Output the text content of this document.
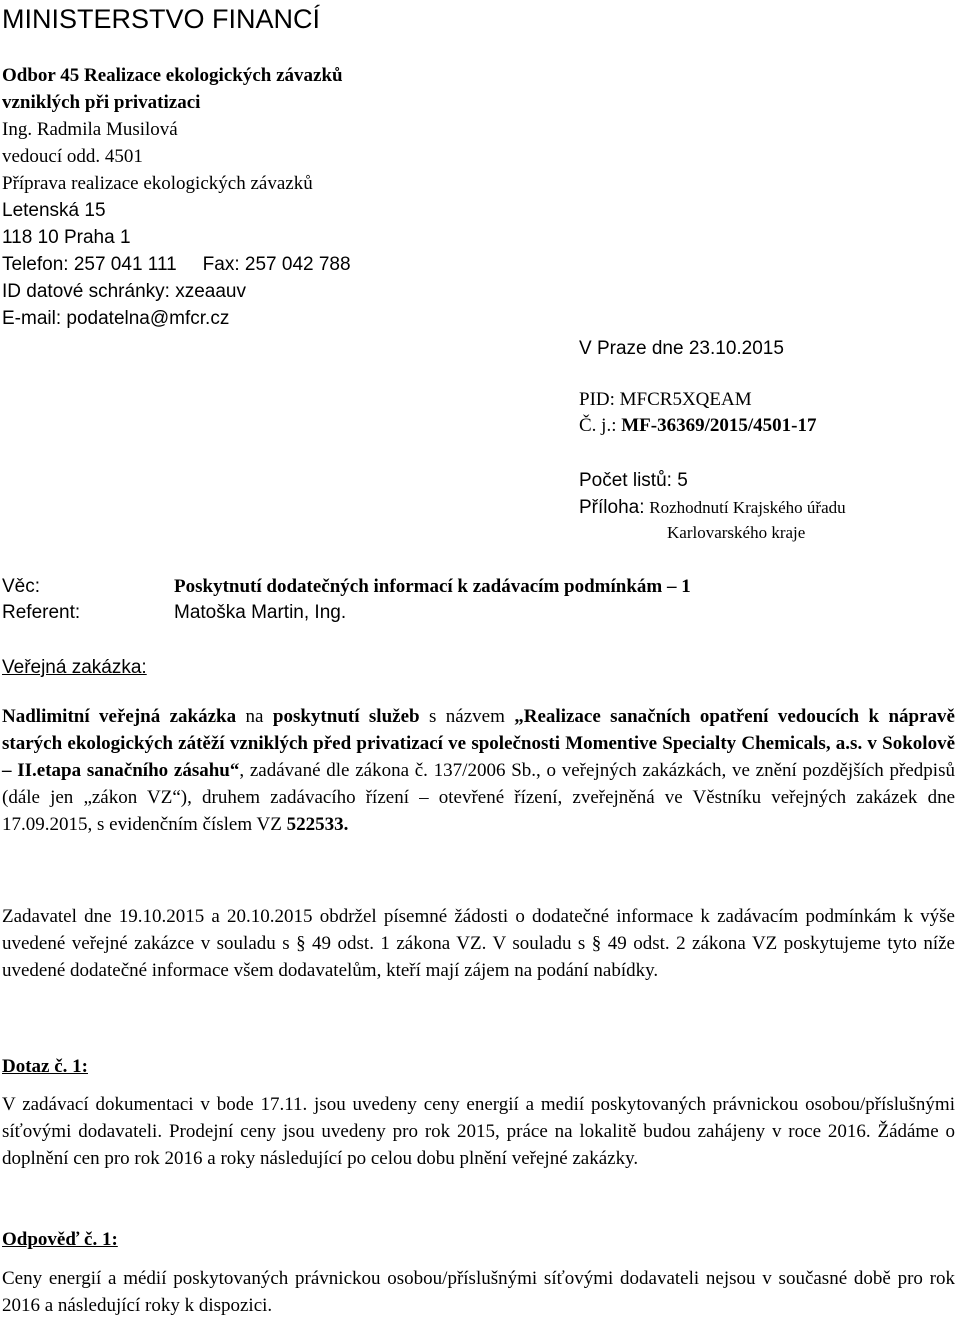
MINISTERSTVO FINANCÍ
Odbor 45 Realizace ekologických závazků
vzniklých při privatizaci
Ing. Radmila Musilová
vedoucí odd. 4501
Příprava realizace ekologických závazků
Letenská 15
118 10 Praha 1
Telefon: 257 041 111 Fax: 257 042 788
ID datové schránky: xzeaauv
E-mail: podatelna@mfcr.cz
V Praze dne 23.10.2015
PID: MFCR5XQEAM
Č. j.: MF-36369/2015/4501-17
Počet listů: 5
Příloha: Rozhodnutí Krajského úřadu
Karlovarského kraje
Věc:	Poskytnutí dodatečných informací k zadávacím podmínkám – 1
Referent:	Matoška Martin, Ing.
Veřejná zakázka:

Nadlimitní veřejná zakázka na poskytnutí služeb s názvem „Realizace sanačních opatření vedoucích k nápravě starých ekologických zátěží vzniklých před privatizací ve společnosti Momentive Specialty Chemicals, a.s. v Sokolově – II.etapa sanačního zásahu“, zadávané dle zákona č. 137/2006 Sb., o veřejných zakázkách, ve znění pozdějších předpisů (dále jen „zákon VZ“), druhem zadávacího řízení – otevřené řízení, zveřejněná ve Věstníku veřejných zakázek dne 17.09.2015, s evidenčním číslem VZ 522533.

Zadavatel dne 19.10.2015 a 20.10.2015 obdržel písemné žádosti o dodatečné informace k zadávacím podmínkám k výše uvedené veřejné zakázce v souladu s § 49 odst. 1 zákona VZ. V souladu s § 49 odst. 2 zákona VZ poskytujeme tyto níže uvedené dodatečné informace všem dodavatelům, kteří mají zájem na podání nabídky.

Dotaz č. 1:

V zadávací dokumentaci v bode 17.11. jsou uvedeny ceny energií a medií poskytovaných právnickou osobou/příslušnými síťovými dodavateli. Prodejní ceny jsou uvedeny pro rok 2015, práce na lokalitě budou zahájeny v roce 2016. Žádáme o doplnění cen pro rok 2016 a roky následující po celou dobu plnění veřejné zakázky.

Odpověď č. 1:

Ceny energií a médií poskytovaných právnickou osobou/příslušnými síťovými dodavateli nejsou v současné době pro rok 2016 a následující roky k dispozici.
